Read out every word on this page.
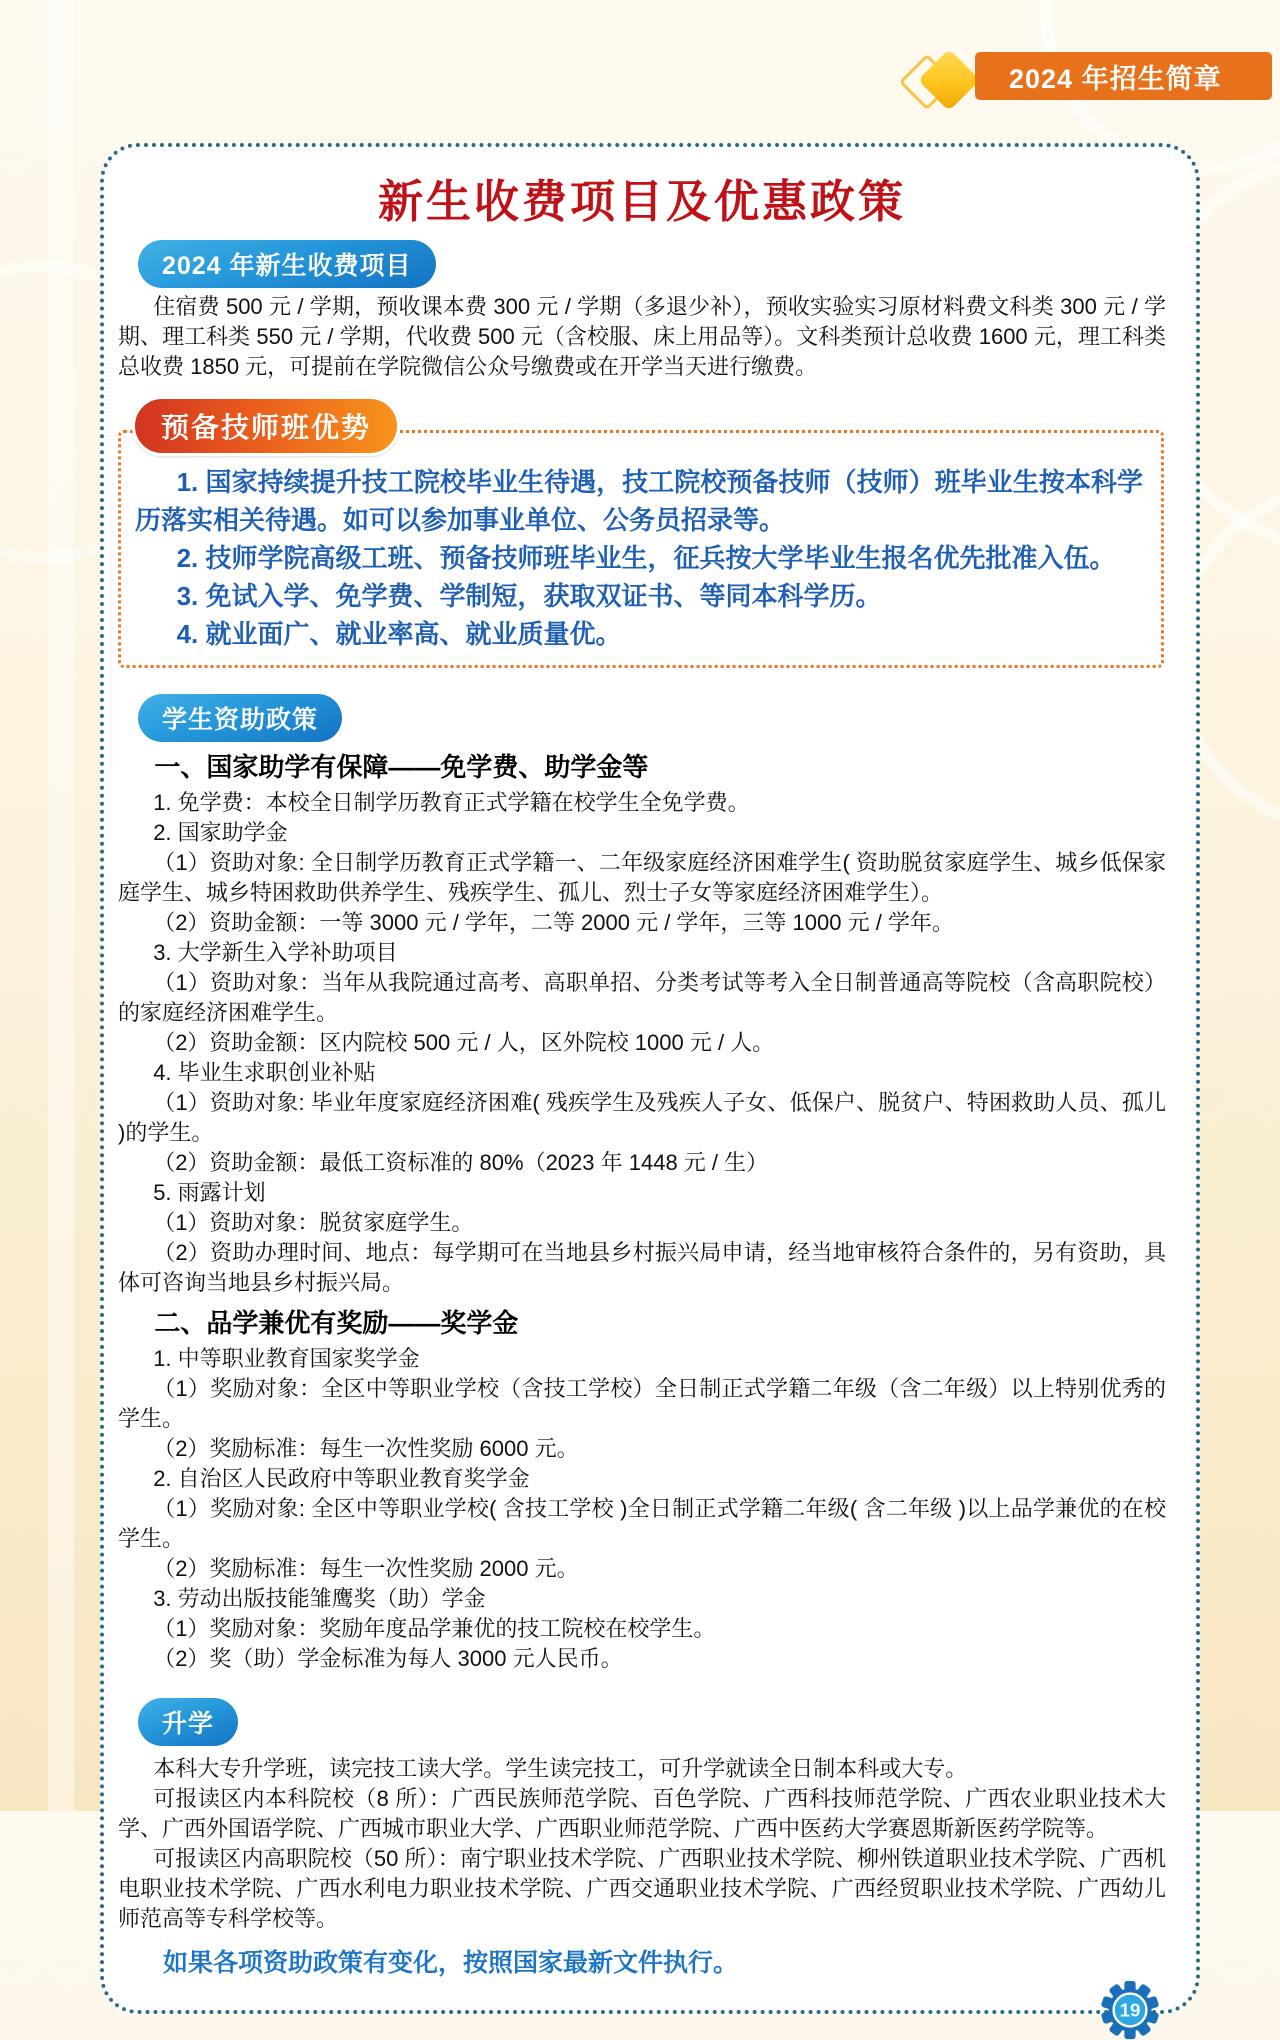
2024 年招生简章
新生收费项目及优惠政策
2024 年新生收费项目

住宿费 500 元 / 学期，预收课本费 300 元 / 学期（多退少补），预收实验实习原材料费文科类 300 元 / 学期、理工科类 550 元 / 学期，代收费 500 元（含校服、床上用品等）。文科类预计总收费 1600 元，理工科类总收费 1850 元，可提前在学院微信公众号缴费或在开学当天进行缴费。

预备技师班优势

1. 国家持续提升技工院校毕业生待遇，技工院校预备技师（技师）班毕业生按本科学历落实相关待遇。如可以参加事业单位、公务员招录等。

2. 技师学院高级工班、预备技师班毕业生，征兵按大学毕业生报名优先批准入伍。

3. 免试入学、免学费、学制短，获取双证书、等同本科学历。

4. 就业面广、就业率高、就业质量优。

学生资助政策
一、国家助学有保障——免学费、助学金等

1. 免学费：本校全日制学历教育正式学籍在校学生全免学费。

2. 国家助学金

（1）资助对象: 全日制学历教育正式学籍一、二年级家庭经济困难学生( 资助脱贫家庭学生、城乡低保家庭学生、城乡特困救助供养学生、残疾学生、孤儿、烈士子女等家庭经济困难学生）。

（2）资助金额：一等 3000 元 / 学年，二等 2000 元 / 学年，三等 1000 元 / 学年。

3. 大学新生入学补助项目

（1）资助对象：当年从我院通过高考、高职单招、分类考试等考入全日制普通高等院校（含高职院校）的家庭经济困难学生。

（2）资助金额：区内院校 500 元 / 人，区外院校 1000 元 / 人。

4. 毕业生求职创业补贴

（1）资助对象: 毕业年度家庭经济困难( 残疾学生及残疾人子女、低保户、脱贫户、特困救助人员、孤儿 )的学生。

（2）资助金额：最低工资标准的 80%（2023 年 1448 元 / 生）

5. 雨露计划

（1）资助对象：脱贫家庭学生。

（2）资助办理时间、地点：每学期可在当地县乡村振兴局申请，经当地审核符合条件的，另有资助，具体可咨询当地县乡村振兴局。

二、品学兼优有奖励——奖学金

1. 中等职业教育国家奖学金

（1）奖励对象：全区中等职业学校（含技工学校）全日制正式学籍二年级（含二年级）以上特别优秀的学生。

（2）奖励标准：每生一次性奖励 6000 元。

2. 自治区人民政府中等职业教育奖学金

（1）奖励对象: 全区中等职业学校( 含技工学校 )全日制正式学籍二年级( 含二年级 )以上品学兼优的在校学生。

（2）奖励标准：每生一次性奖励 2000 元。

3. 劳动出版技能雏鹰奖（助）学金

（1）奖励对象：奖励年度品学兼优的技工院校在校学生。

（2）奖（助）学金标准为每人 3000 元人民币。

升学

本科大专升学班，读完技工读大学。学生读完技工，可升学就读全日制本科或大专。

可报读区内本科院校（8 所）：广西民族师范学院、百色学院、广西科技师范学院、广西农业职业技术大学、广西外国语学院、广西城市职业大学、广西职业师范学院、广西中医药大学赛恩斯新医药学院等。

可报读区内高职院校（50 所）：南宁职业技术学院、广西职业技术学院、柳州铁道职业技术学院、广西机电职业技术学院、广西水利电力职业技术学院、广西交通职业技术学院、广西经贸职业技术学院、广西幼儿师范高等专科学校等。

如果各项资助政策有变化，按照国家最新文件执行。
19
